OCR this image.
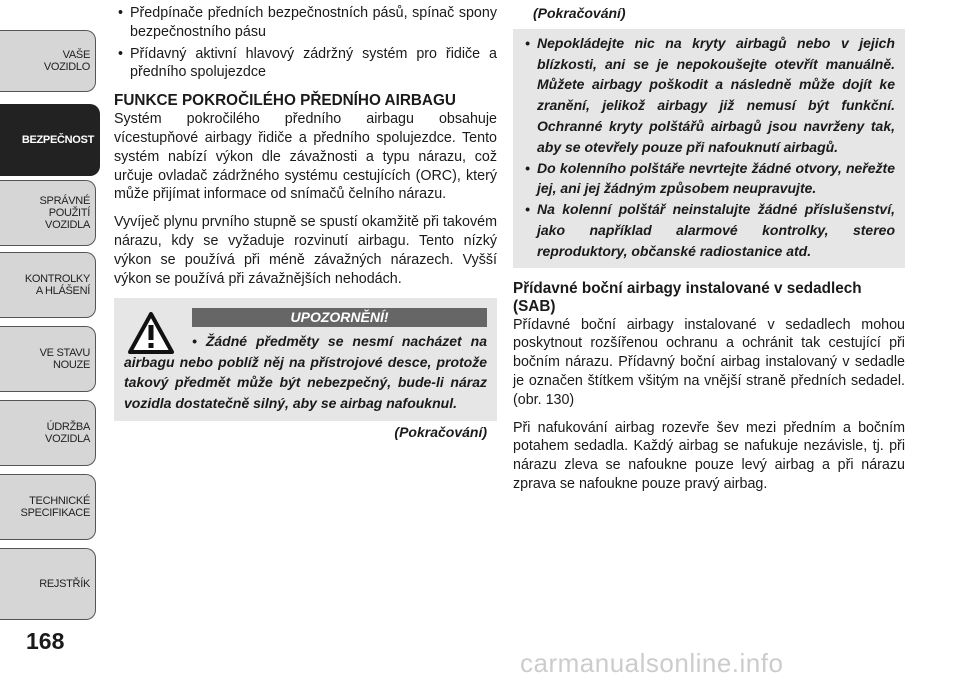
VAŠE
VOZIDLO
BEZPEČNOST
SPRÁVNÉ
POUŽITÍ
VOZIDLA
KONTROLKY
A HLÁŠENÍ
VE STAVU
NOUZE
ÚDRŽBA
VOZIDLA
TECHNICKÉ
SPECIFIKACE
REJSTŘÍK
168
• Předpínače předních bezpečnostních pásů, spínač spony bezpečnostního pásu
• Přídavný aktivní hlavový zádržný systém pro řidiče a předního spolujezdce
FUNKCE POKROČILÉHO PŘEDNÍHO AIRBAGU

Systém pokročilého předního airbagu obsahuje vícestupňové airbagy řidiče a předního spolujezdce. Tento systém nabízí výkon dle závažnosti a typu nárazu, což určuje ovladač zádržného systému cestujících (ORC), který může přijímat informace od snímačů čelního nárazu.

Vyvíječ plynu prvního stupně se spustí okamžitě při takovém nárazu, kdy se vyžaduje rozvinutí airbagu. Tento nízký výkon se používá při méně závažných nárazech. Vyšší výkon se používá při závažnějších nehodách.

UPOZORNĚNÍ!
• Žádné předměty se nesmí nacházet na airbagu nebo poblíž něj na přístrojové desce, protože takový předmět může být nebezpečný, bude-li náraz vozidla dostatečně silný, aby se airbag nafouknul.
(Pokračování)
(Pokračování)
• Nepokládejte nic na kryty airbagů nebo v jejich blízkosti, ani se je nepokoušejte otevřít manuálně. Můžete airbagy poškodit a následně může dojít ke zranění, jelikož airbagy již nemusí být funkční. Ochranné kryty polštářů airbagů jsou navrženy tak, aby se otevřely pouze při nafouknutí airbagů.
• Do kolenního polštáře nevrtejte žádné otvory, neřežte jej, ani jej žádným způsobem neupravujte.
• Na kolenní polštář neinstalujte žádné příslušenství, jako například alarmové kontrolky, stereo reproduktory, občanské radiostanice atd.
Přídavné boční airbagy instalované v sedadlech (SAB)

Přídavné boční airbagy instalované v sedadlech mohou poskytnout rozšířenou ochranu a ochránit tak cestující při bočním nárazu. Přídavný boční airbag instalovaný v sedadle je označen štítkem všitým na vnější straně předních sedadel. (obr. 130)

Při nafukování airbag rozevře šev mezi předním a bočním potahem sedadla. Každý airbag se nafukuje nezávisle, tj. při nárazu zleva se nafoukne pouze levý airbag a při nárazu zprava se nafoukne pouze pravý airbag.

carmanualsonline.info
